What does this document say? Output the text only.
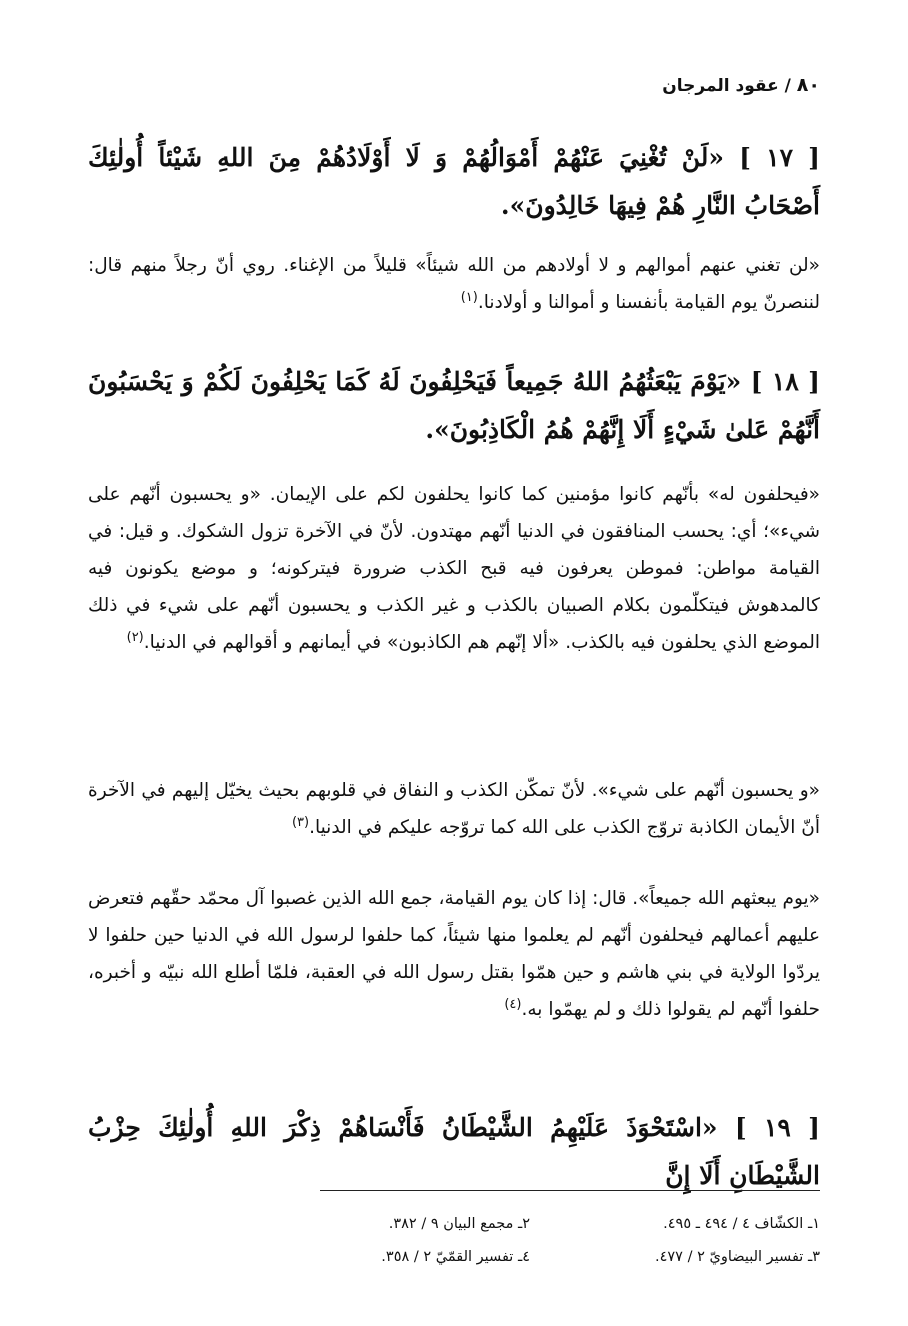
٨٠ / عقود المرجان
[ ١٧ ] «لَنْ تُغْنِيَ عَنْهُمْ أَمْوَالُهُمْ وَ لَا أَوْلَادُهُمْ مِنَ اللهِ شَيْئاً أُولٰئِكَ أَصْحَابُ النَّارِ هُمْ فِيهَا خَالِدُونَ».
«لن تغني عنهم أموالهم و لا أولادهم من الله شيئاً» قليلاً من الإغناء. روي أنّ رجلاً منهم قال: لننصرنّ يوم القيامة بأنفسنا و أموالنا و أولادنا.$^{(١)}$
[ ١٨ ] «يَوْمَ يَبْعَثُهُمُ اللهُ جَمِيعاً فَيَحْلِفُونَ لَهُ كَمَا يَحْلِفُونَ لَكُمْ وَ يَحْسَبُونَ أَنَّهُمْ عَلىٰ شَيْءٍ أَلَا إِنَّهُمْ هُمُ الْكَاذِبُونَ».
«فيحلفون له» بأنّهم كانوا مؤمنين كما كانوا يحلفون لكم على الإيمان. «و يحسبون أنّهم على شيء»؛ أي: يحسب المنافقون في الدنيا أنّهم مهتدون. لأنّ في الآخرة تزول الشكوك. و قيل: في القيامة مواطن: فموطن يعرفون فيه قبح الكذب ضرورة فيتركونه؛ و موضع يكونون فيه كالمدهوش فيتكلّمون بكلام الصبيان بالكذب و غير الكذب و يحسبون أنّهم على شيء في ذلك الموضع الذي يحلفون فيه بالكذب. «ألا إنّهم هم الكاذبون» في أيمانهم و أقوالهم في الدنيا.$^{(٢)}$
«و يحسبون أنّهم على شيء». لأنّ تمكّن الكذب و النفاق في قلوبهم بحيث يخيّل إليهم في الآخرة أنّ الأيمان الكاذبة تروّج الكذب على الله كما تروّجه عليكم في الدنيا.$^{(٣)}$
«يوم يبعثهم الله جميعاً». قال: إذا كان يوم القيامة، جمع الله الذين غصبوا آل محمّد حقّهم فتعرض عليهم أعمالهم فيحلفون أنّهم لم يعلموا منها شيئاً، كما حلفوا لرسول الله في الدنيا حين حلفوا لا يردّوا الولاية في بني هاشم و حين همّوا بقتل رسول الله في العقبة، فلمّا أطلع الله نبيّه و أخبره، حلفوا أنّهم لم يقولوا ذلك و لم يهمّوا به.$^{(٤)}$
[ ١٩ ] «اسْتَحْوَذَ عَلَيْهِمُ الشَّيْطَانُ فَأَنْسَاهُمْ ذِكْرَ اللهِ أُولٰئِكَ حِزْبُ الشَّيْطَانِ أَلَا إِنَّ
١ـ الكشّاف ٤ / ٤٩٤ ـ ٤٩٥.
٢ـ مجمع البيان ٩ / ٣٨٢.
٣ـ تفسير البيضاويّ ٢ / ٤٧٧.
٤ـ تفسير القمّيّ ٢ / ٣٥٨.
